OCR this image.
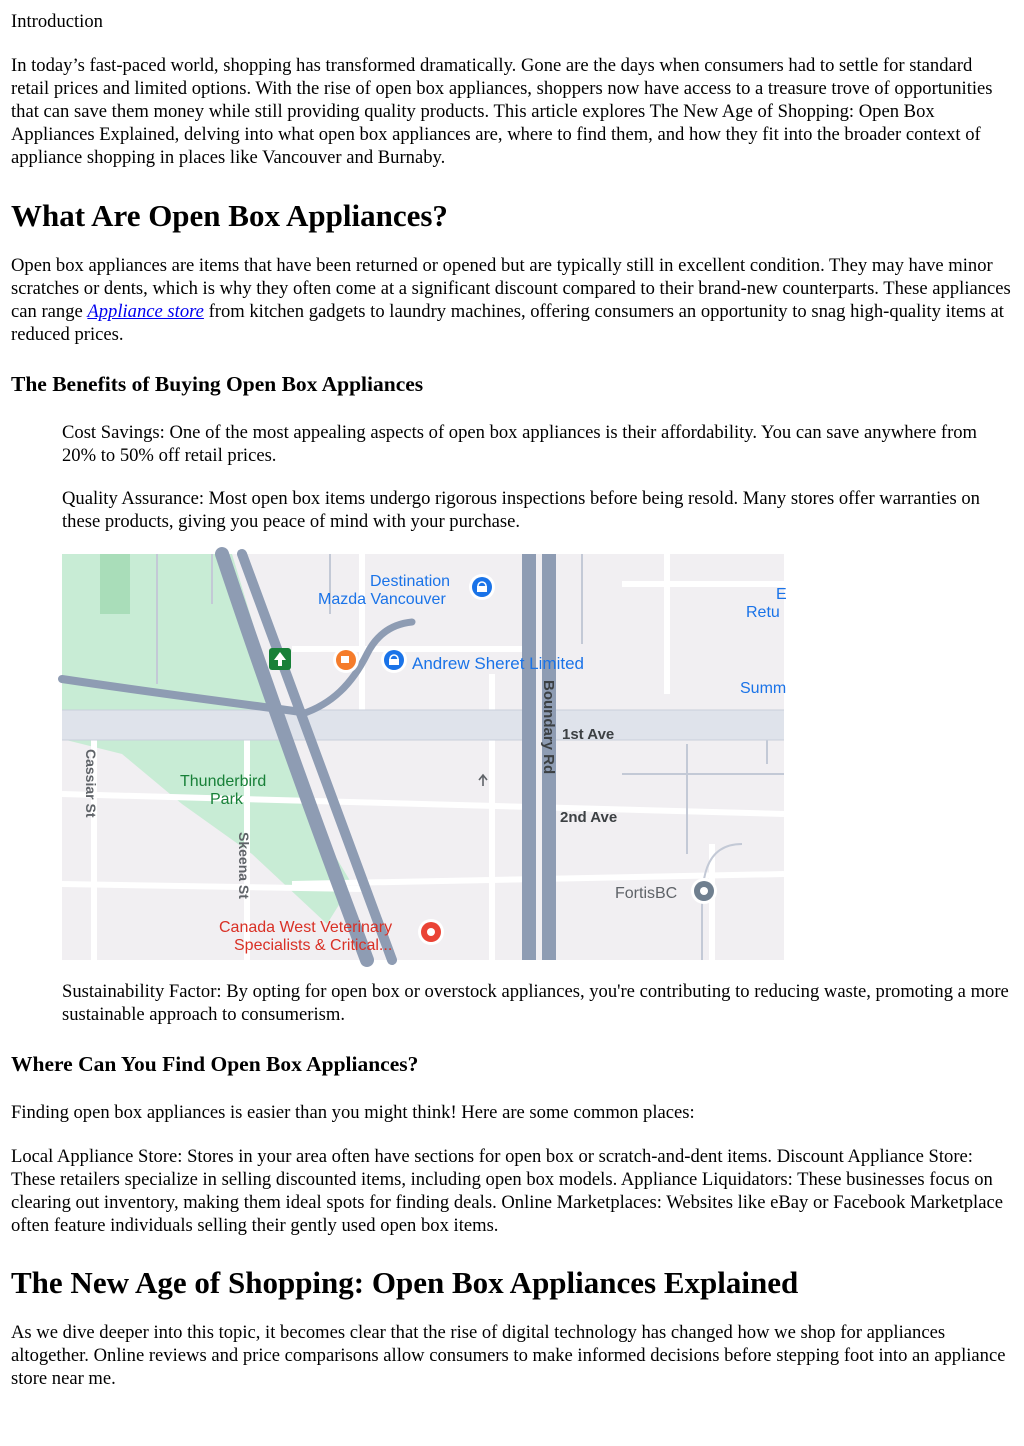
Introduction

In today’s fast-paced world, shopping has transformed dramatically. Gone are the days when consumers had to settle for standard retail prices and limited options. With the rise of open box appliances, shoppers now have access to a treasure trove of opportunities that can save them money while still providing quality products. This article explores The New Age of Shopping: Open Box Appliances Explained, delving into what open box appliances are, where to find them, and how they fit into the broader context of appliance shopping in places like Vancouver and Burnaby.

What Are Open Box Appliances?

Open box appliances are items that have been returned or opened but are typically still in excellent condition. They may have minor scratches or dents, which is why they often come at a significant discount compared to their brand-new counterparts. These appliances can range Appliance store from kitchen gadgets to laundry machines, offering consumers an opportunity to snag high-quality items at reduced prices.

The Benefits of Buying Open Box Appliances

Cost Savings: One of the most appealing aspects of open box appliances is their affordability. You can save anywhere from 20% to 50% off retail prices.

Quality Assurance: Most open box items undergo rigorous inspections before being resold. Many stores offer warranties on these products, giving you peace of mind with your purchase.

Destination
Mazda Vancouver
Andrew Sheret Limited
E
Retu
Summ
Thunderbird
Park
FortisBC
Canada West Veterinary
Specialists & Critical...
1st Ave
2nd Ave
Boundary Rd
Cassiar St
Skeena St

Sustainability Factor: By opting for open box or overstock appliances, you're contributing to reducing waste, promoting a more sustainable approach to consumerism.

Where Can You Find Open Box Appliances?

Finding open box appliances is easier than you might think! Here are some common places:

Local Appliance Store: Stores in your area often have sections for open box or scratch-and-dent items. Discount Appliance Store: These retailers specialize in selling discounted items, including open box models. Appliance Liquidators: These businesses focus on clearing out inventory, making them ideal spots for finding deals. Online Marketplaces: Websites like eBay or Facebook Marketplace often feature individuals selling their gently used open box items.

The New Age of Shopping: Open Box Appliances Explained

As we dive deeper into this topic, it becomes clear that the rise of digital technology has changed how we shop for appliances altogether. Online reviews and price comparisons allow consumers to make informed decisions before stepping foot into an appliance store near me.
